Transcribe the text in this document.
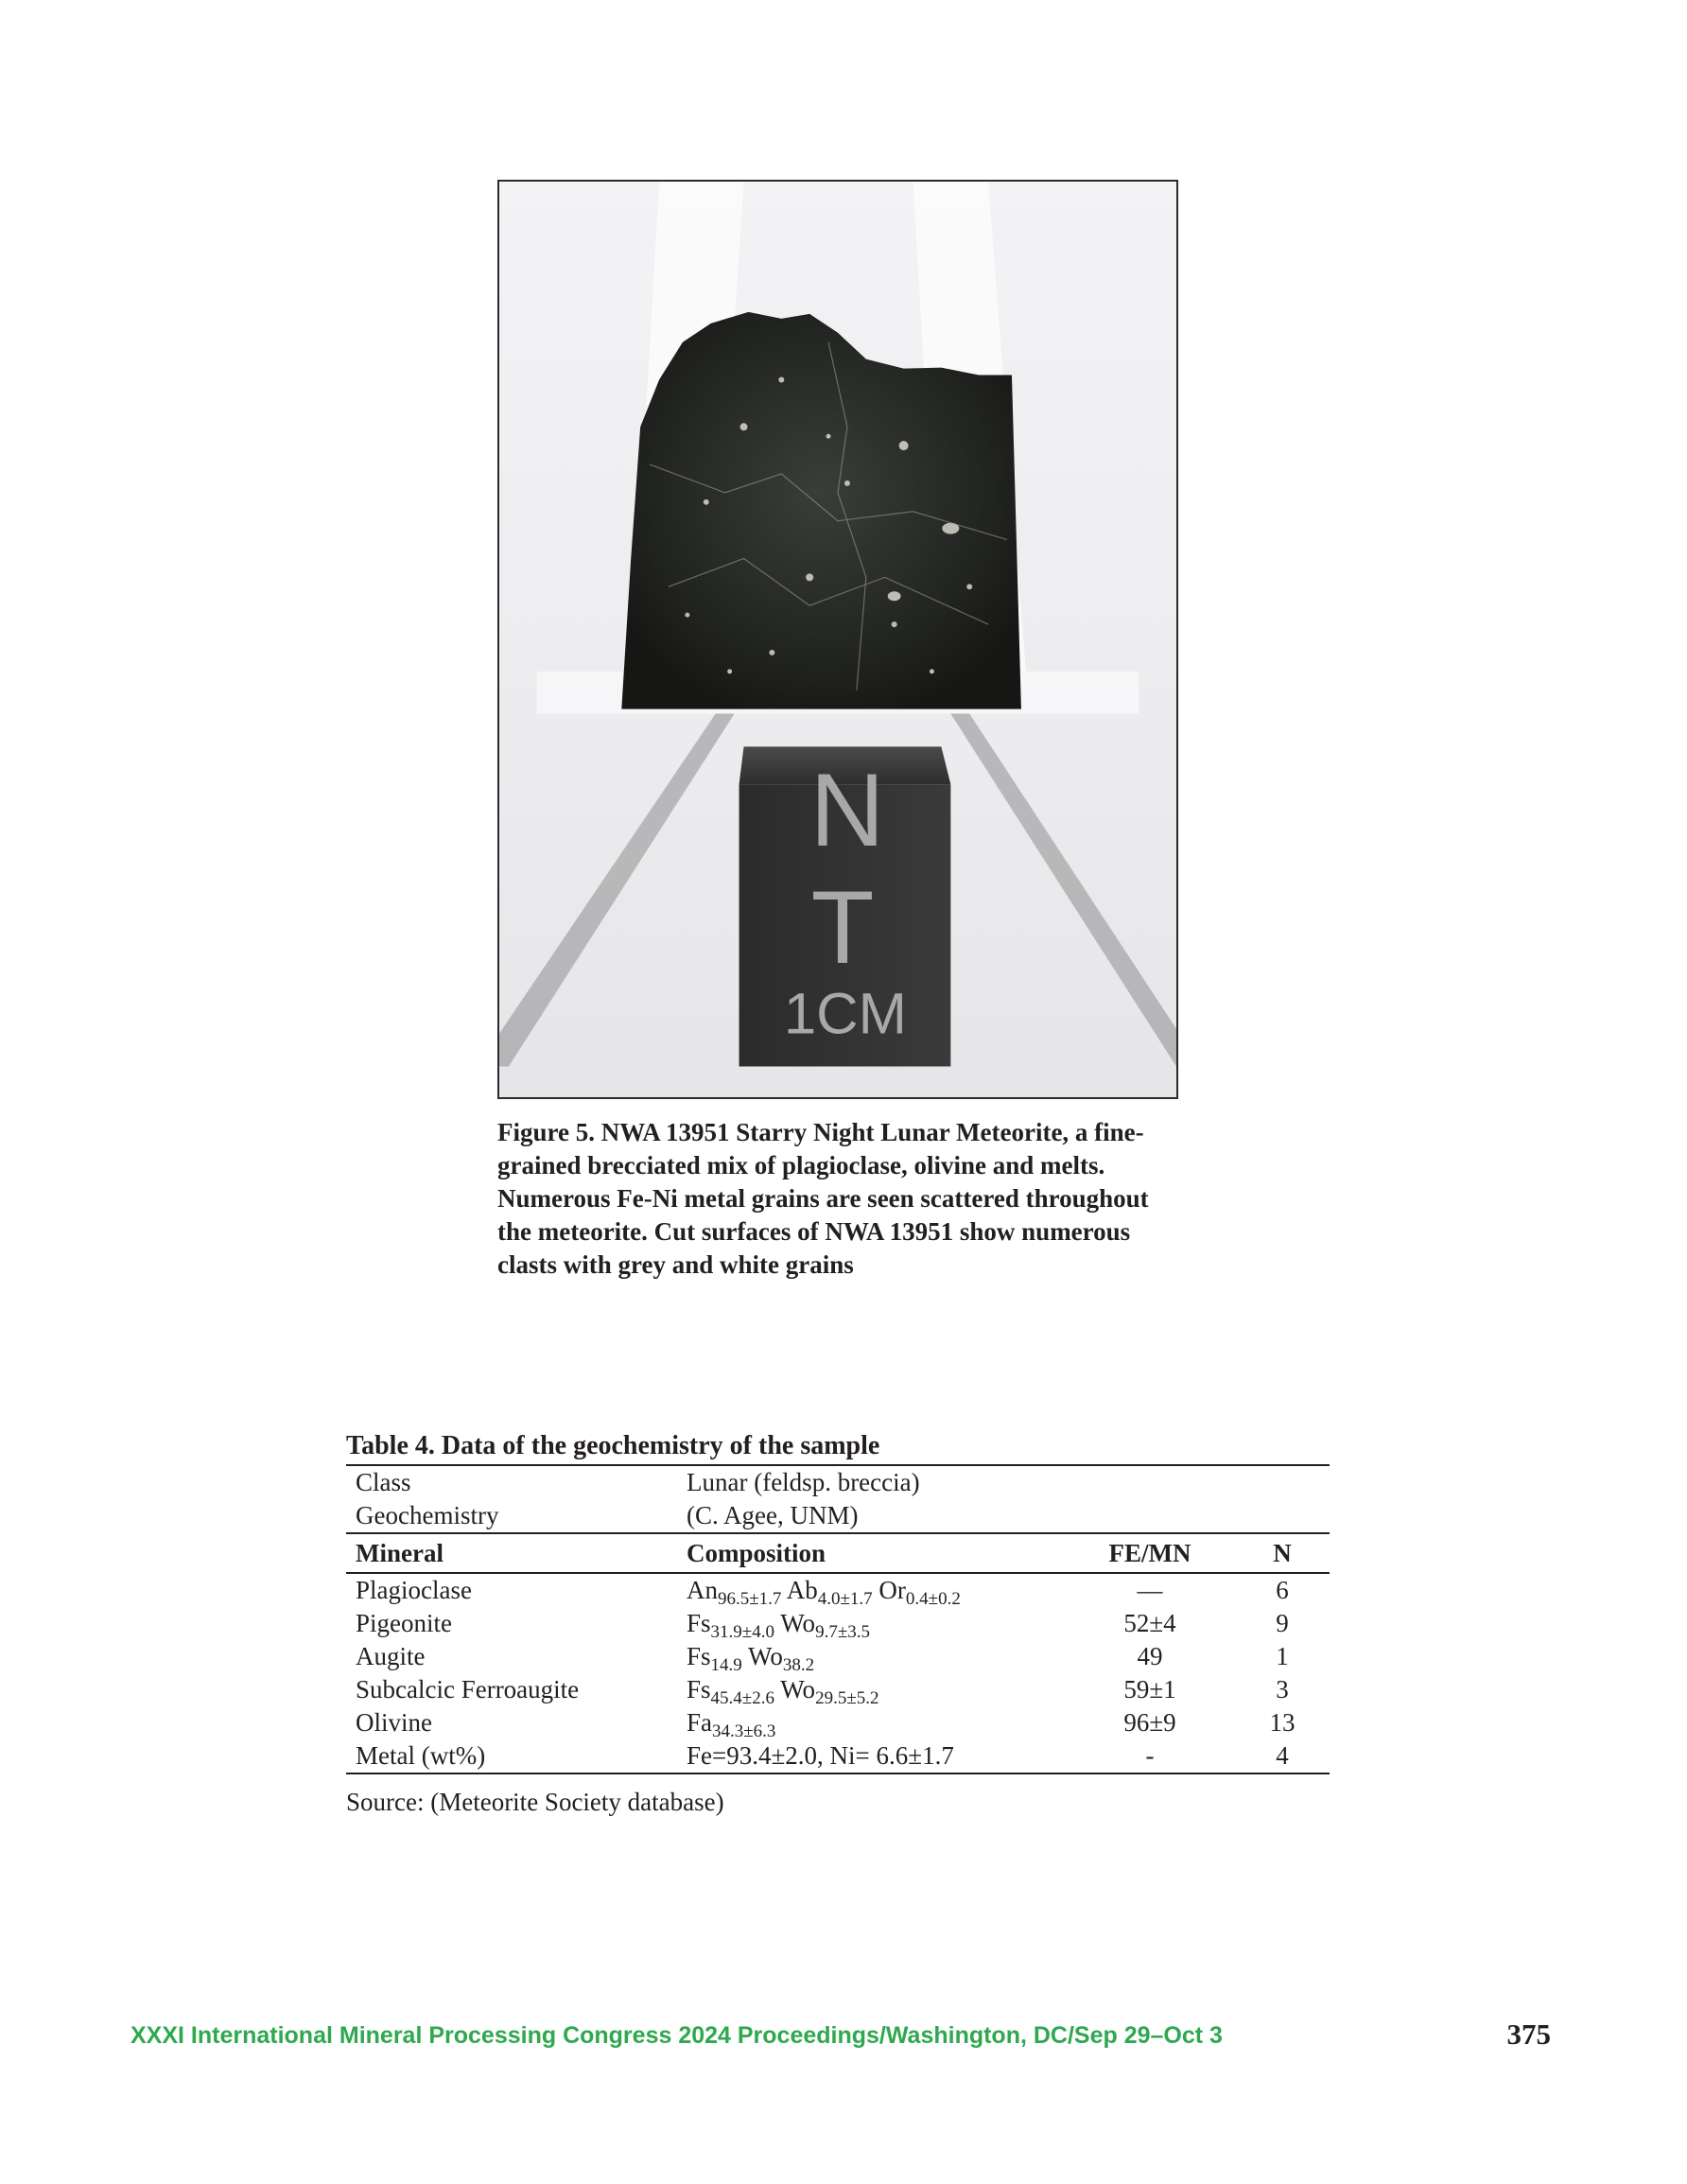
N
T
1CM

Figure 5. NWA 13951 Starry Night Lunar Meteorite, a fine-grained brecciated mix of plagioclase, olivine and melts. Numerous Fe-Ni metal grains are seen scattered throughout the meteorite. Cut surfaces of NWA 13951 show numerous clasts with grey and white grains

Table 4. Data of the geochemistry of the sample

Class	Lunar (feldsp. breccia)
Geochemistry	(C. Agee, UNM)
Mineral	Composition	FE/MN	N
Plagioclase	$An_{96.5\pm 1.7}$ $Ab_{4.0\pm 1.7}$ $Or_{0.4\pm 0.2}$	—	6
Pigeonite	$Fs_{31.9\pm 4.0}$ $Wo_{9.7\pm 3.5}$	52±4	9
Augite	$Fs_{14.9}$ $Wo_{38.2}$	49	1
Subcalcic Ferroaugite	$Fs_{45.4\pm 2.6}$ $Wo_{29.5\pm 5.2}$	59±1	3
Olivine	$Fa_{34.3\pm 6.3}$	96±9	13
Metal (wt%)	Fe=93.4±2.0, Ni= 6.6±1.7	-	4
Source: (Meteorite Society database)
XXXI International Mineral Processing Congress 2024 Proceedings/Washington, DC/Sep 29–Oct 3	375
